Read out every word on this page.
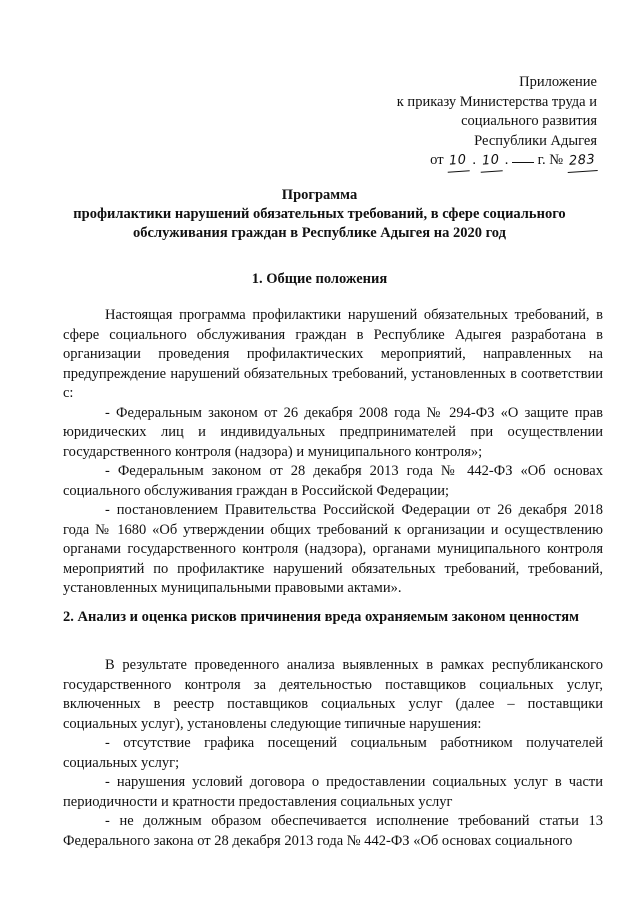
Приложение
к приказу Министерства труда и
социального развития
Республики Адыгея
от 10 . 10 .  г. № 283
Программа
профилактики нарушений обязательных требований, в сфере социального
обслуживания граждан в Республике Адыгея на 2020 год
1. Общие положения

Настоящая программа профилактики нарушений обязательных требований, в сфере социального обслуживания граждан в Республике Адыгея разработана в организации проведения профилактических мероприятий, направленных на предупреждение нарушений обязательных требований, установленных в соответствии с:

- Федеральным законом от 26 декабря 2008 года № 294-ФЗ «О защите прав юридических лиц и индивидуальных предпринимателей при осуществлении государственного контроля (надзора) и муниципального контроля»;

- Федеральным законом от 28 декабря 2013 года № 442-ФЗ «Об основах социального обслуживания граждан в Российской Федерации;

- постановлением Правительства Российской Федерации от 26 декабря 2018 года № 1680 «Об утверждении общих требований к организации и осуществлению органами государственного контроля (надзора), органами муниципального контроля мероприятий по профилактике нарушений обязательных требований, требований, установленных муниципальными правовыми актами».

2. Анализ и оценка рисков причинения вреда охраняемым законом ценностям

В результате проведенного анализа выявленных в рамках республиканского государственного контроля за деятельностью поставщиков социальных услуг, включенных в реестр поставщиков социальных услуг (далее – поставщики социальных услуг), установлены следующие типичные нарушения:

- отсутствие графика посещений социальным работником получателей социальных услуг;

- нарушения условий договора о предоставлении социальных услуг в части периодичности и кратности предоставления социальных услуг

- не должным образом обеспечивается исполнение требований статьи 13 Федерального закона от 28 декабря 2013 года № 442-ФЗ «Об основах социального
